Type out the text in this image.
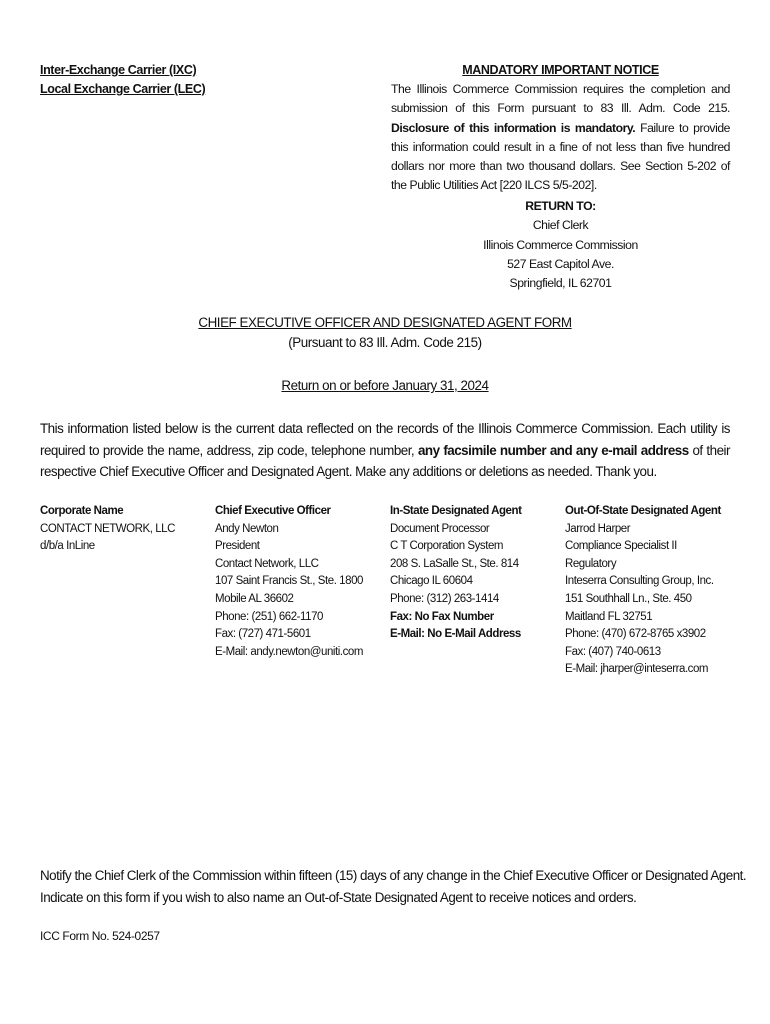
Inter-Exchange Carrier (IXC)
Local Exchange Carrier (LEC)
MANDATORY IMPORTANT NOTICE
The Illinois Commerce Commission requires the completion and submission of this Form pursuant to 83 Ill. Adm. Code 215. Disclosure of this information is mandatory. Failure to provide this information could result in a fine of not less than five hundred dollars nor more than two thousand dollars. See Section 5-202 of the Public Utilities Act [220 ILCS 5/5-202].
RETURN TO:
Chief Clerk
Illinois Commerce Commission
527 East Capitol Ave.
Springfield, IL 62701
CHIEF EXECUTIVE OFFICER AND DESIGNATED AGENT FORM
(Pursuant to 83 Ill. Adm. Code 215)
Return on or before January 31, 2024
This information listed below is the current data reflected on the records of the Illinois Commerce Commission. Each utility is required to provide the name, address, zip code, telephone number, any facsimile number and any e-mail address of their respective Chief Executive Officer and Designated Agent. Make any additions or deletions as needed. Thank you.
Corporate Name
CONTACT NETWORK, LLC
d/b/a InLine
Chief Executive Officer
Andy Newton
President
Contact Network, LLC
107 Saint Francis St., Ste. 1800
Mobile AL 36602
Phone: (251) 662-1170
Fax: (727) 471-5601
E-Mail: andy.newton@uniti.com
In-State Designated Agent
Document Processor
C T Corporation System
208 S. LaSalle St., Ste. 814
Chicago IL 60604
Phone: (312) 263-1414
Fax: No Fax Number
E-Mail: No E-Mail Address
Out-Of-State Designated Agent
Jarrod Harper
Compliance Specialist II
Regulatory
Inteserra Consulting Group, Inc.
151 Southhall Ln., Ste. 450
Maitland FL 32751
Phone: (470) 672-8765 x3902
Fax: (407) 740-0613
E-Mail: jharper@inteserra.com
Notify the Chief Clerk of the Commission within fifteen (15) days of any change in the Chief Executive Officer or Designated Agent.
Indicate on this form if you wish to also name an Out-of-State Designated Agent to receive notices and orders.
ICC Form No. 524-0257
